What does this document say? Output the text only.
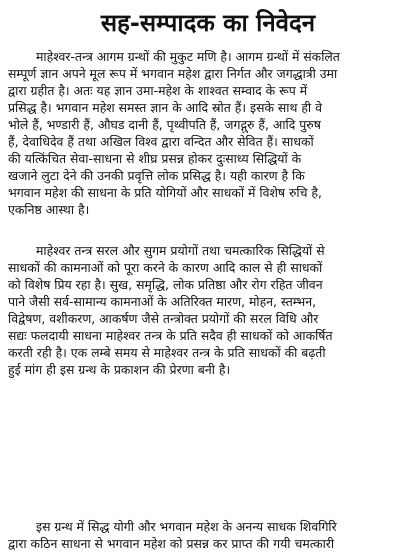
सह-सम्पादक का निवेदन
माहेश्वर-तन्त्र आगम ग्रन्थों की मुकुट मणि है। आगम ग्रन्थों में संकलित
सम्पूर्ण ज्ञान अपने मूल रूप में भगवान महेश द्वारा निर्गत और जगद्धात्री उमा
द्वारा ग्रहीत है। अतः यह ज्ञान उमा-महेश के शाश्वत सम्वाद के रूप में
प्रसिद्ध है। भगवान महेश समस्त ज्ञान के आदि स्रोत हैं। इसके साथ ही वे
भोले हैं, भण्डारी हैं, औघड दानी हैं, पृथ्वीपति हैं, जगद्गुरु हैं, आदि पुरुष
हैं, देवाधिदेव हैं तथा अखिल विश्व द्वारा वन्दित और सेवित हैं। साधकों
की यत्किंचित सेवा-साधना से शीघ्र प्रसन्न होकर दुःसाध्य सिद्धियों के
खजाने लुटा देने की उनकी प्रवृत्ति लोक प्रसिद्ध है। यही कारण है कि
भगवान महेश की साधना के प्रति योगियों और साधकों में विशेष रुचि है,
एकनिष्ठ आस्था है।
माहेश्वर तन्त्र सरल और सुगम प्रयोगों तथा चमत्कारिक सिद्धियों से
साधकों की कामनाओं को पूरा करने के कारण आदि काल से ही साधकों
को विशेष प्रिय रहा है। सुख, समृद्धि, लोक प्रतिष्ठा और रोग रहित जीवन
पाने जैसी सर्व-सामान्य कामनाओं के अतिरिक्त मारण, मोहन, स्तम्भन,
विद्वेषण, वशीकरण, आकर्षण जैसे तन्त्रोक्त प्रयोगों की सरल विधि और
सद्यः फलदायी साधना माहेश्वर तन्त्र के प्रति सदैव ही साधकों को आकर्षित
करती रही है। एक लम्बे समय से माहेश्वर तन्त्र के प्रति साधकों की बढ़ती
हुई मांग ही इस ग्रन्थ के प्रकाशन की प्रेरणा बनी है।
इस ग्रन्थ में सिद्ध योगी और भगवान महेश के अनन्य साधक शिवगिरि
द्वारा कठिन साधना से भगवान महेश को प्रसन्न कर प्राप्त की गयी चमत्कारी
